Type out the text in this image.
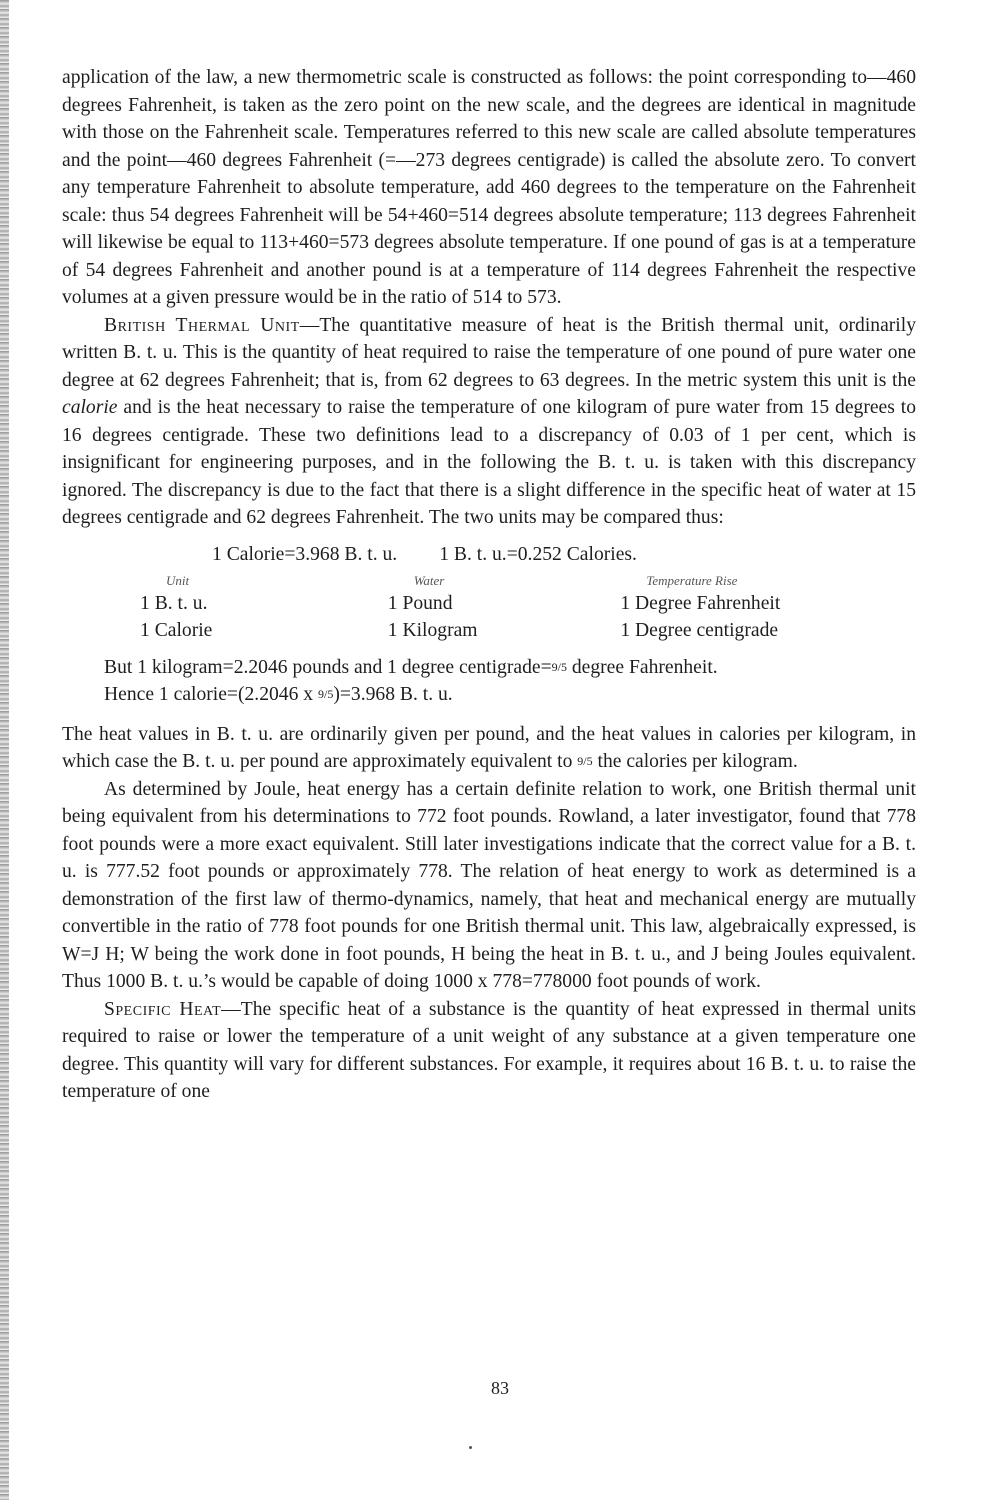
application of the law, a new thermometric scale is constructed as follows: the point corresponding to—460 degrees Fahrenheit, is taken as the zero point on the new scale, and the degrees are identical in magnitude with those on the Fahrenheit scale. Temperatures referred to this new scale are called absolute temperatures and the point—460 degrees Fahrenheit (=—273 degrees centigrade) is called the absolute zero. To convert any temperature Fahrenheit to absolute temperature, add 460 degrees to the temperature on the Fahrenheit scale: thus 54 degrees Fahrenheit will be 54+460=514 degrees absolute temperature; 113 degrees Fahrenheit will likewise be equal to 113+460=573 degrees absolute temperature. If one pound of gas is at a temperature of 54 degrees Fahrenheit and another pound is at a temperature of 114 degrees Fahrenheit the respective volumes at a given pressure would be in the ratio of 514 to 573.

British Thermal Unit—The quantitative measure of heat is the British thermal unit, ordinarily written B. t. u. This is the quantity of heat required to raise the temperature of one pound of pure water one degree at 62 degrees Fahrenheit; that is, from 62 degrees to 63 degrees. In the metric system this unit is the calorie and is the heat necessary to raise the temperature of one kilogram of pure water from 15 degrees to 16 degrees centigrade. These two definitions lead to a discrepancy of 0.03 of 1 per cent, which is insignificant for engineering purposes, and in the following the B. t. u. is taken with this discrepancy ignored. The discrepancy is due to the fact that there is a slight difference in the specific heat of water at 15 degrees centigrade and 62 degrees Fahrenheit. The two units may be compared thus:

1 Calorie=3.968 B. t. u. 1 B. t. u.=0.252 Calories.
Unit	Water	Temperature Rise
1 B. t. u.	1 Pound	1 Degree Fahrenheit
1 Calorie	1 Kilogram	1 Degree centigrade
But 1 kilogram=2.2046 pounds and 1 degree centigrade=9/5 degree Fahrenheit.
Hence 1 calorie=(2.2046 x 9/5)=3.968 B. t. u.

The heat values in B. t. u. are ordinarily given per pound, and the heat values in calories per kilogram, in which case the B. t. u. per pound are approximately equivalent to 9/5 the calories per kilogram.

As determined by Joule, heat energy has a certain definite relation to work, one British thermal unit being equivalent from his determinations to 772 foot pounds. Rowland, a later investigator, found that 778 foot pounds were a more exact equivalent. Still later investigations indicate that the correct value for a B. t. u. is 777.52 foot pounds or approximately 778. The relation of heat energy to work as determined is a demonstration of the first law of thermo-dynamics, namely, that heat and mechanical energy are mutually convertible in the ratio of 778 foot pounds for one British thermal unit. This law, algebraically expressed, is W=J H; W being the work done in foot pounds, H being the heat in B. t. u., and J being Joules equivalent. Thus 1000 B. t. u.’s would be capable of doing 1000 x 778=778000 foot pounds of work.

Specific Heat—The specific heat of a substance is the quantity of heat expressed in thermal units required to raise or lower the temperature of a unit weight of any substance at a given temperature one degree. This quantity will vary for different substances. For example, it requires about 16 B. t. u. to raise the temperature of one

83
